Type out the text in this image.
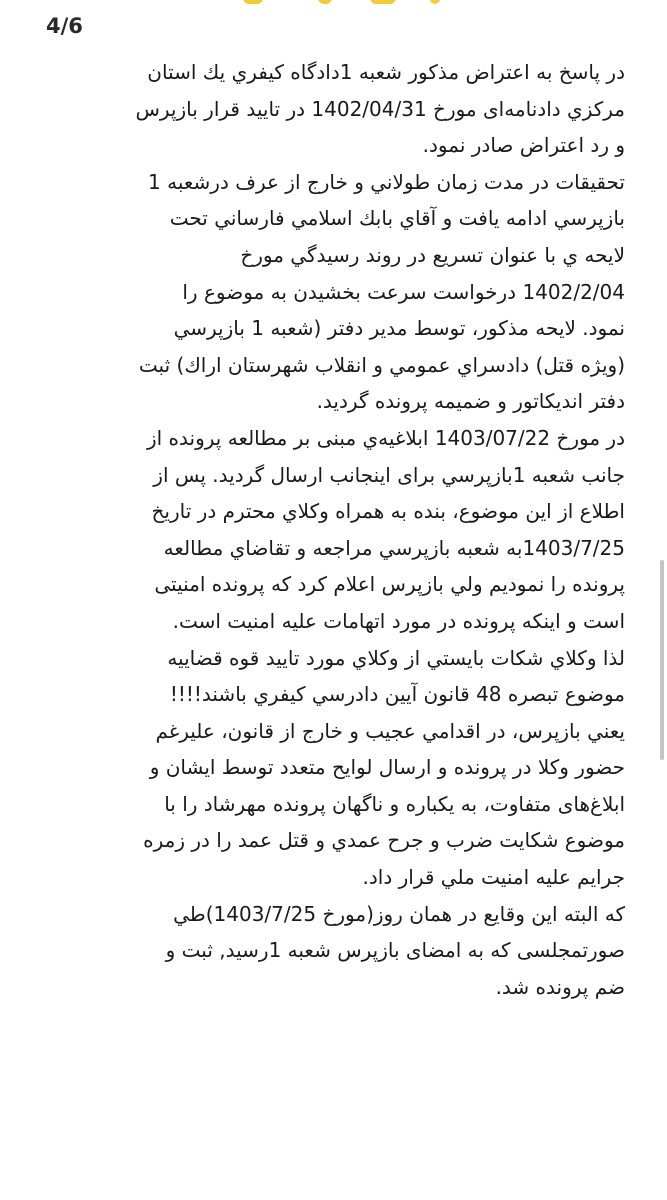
4/6
در پاسخ به اعتراض مذکور شعبه 1دادگاه کیفري يك استان
مرکزي دادنامه‌ای مورخ 1402/04/31 در تاييد قرار بازپرس
و رد اعتراض صادر نمود.
تحقيقات در مدت زمان طولاني و خارج از عرف درشعبه 1
بازپرسي ادامه يافت و آقاي بابك اسلامي فارساني تحت
لايحه ي با عنوان تسريع در روند رسيدگي مورخ
1402/2/04 درخواست سرعت بخشيدن به موضوع را
نمود. لايحه مذکور، توسط مدير دفتر (شعبه 1 بازپرسي
(ويژه قتل) دادسراي عمومي و انقلاب شهرستان اراك) ثبت
دفتر انديكاتور و ضميمه پرونده گرديد.
در مورخ 1403/07/22 ابلاغيه‌ي مبنی بر مطالعه پرونده از
جانب شعبه 1بازپرسي برای اينجانب ارسال گرديد. پس از
اطلاع از اين موضوع، بنده به همراه وكلاي محترم در تاريخ
1403/7/25به شعبه بازپرسي مراجعه و تقاضاي مطالعه
پرونده را نموديم ولي بازپرس اعلام كرد كه پرونده امنيتی
است و اينكه پرونده در مورد اتهامات عليه امنيت است.
لذا وكلاي شكات بايستي از وكلاي مورد تاييد قوه قضاييه
موضوع تبصره 48 قانون آيين دادرسي كيفري باشند!!!!
يعني بازپرس، در اقدامي عجيب و خارج از قانون، عليرغم
حضور وكلا در پرونده و ارسال لوايح متعدد توسط ايشان و
ابلاغ‌های متفاوت، به يكباره و ناگهان پرونده مهرشاد را با
موضوع شكايت ضرب و جرح عمدي و قتل عمد را در زمره
جرايم عليه امنيت ملي قرار داد.
كه البته اين وقايع در همان روز(مورخ 1403/7/25)طي
صورتمجلسی كه به امضای بازپرس شعبه 1رسيد, ثبت و
ضم پرونده شد.
